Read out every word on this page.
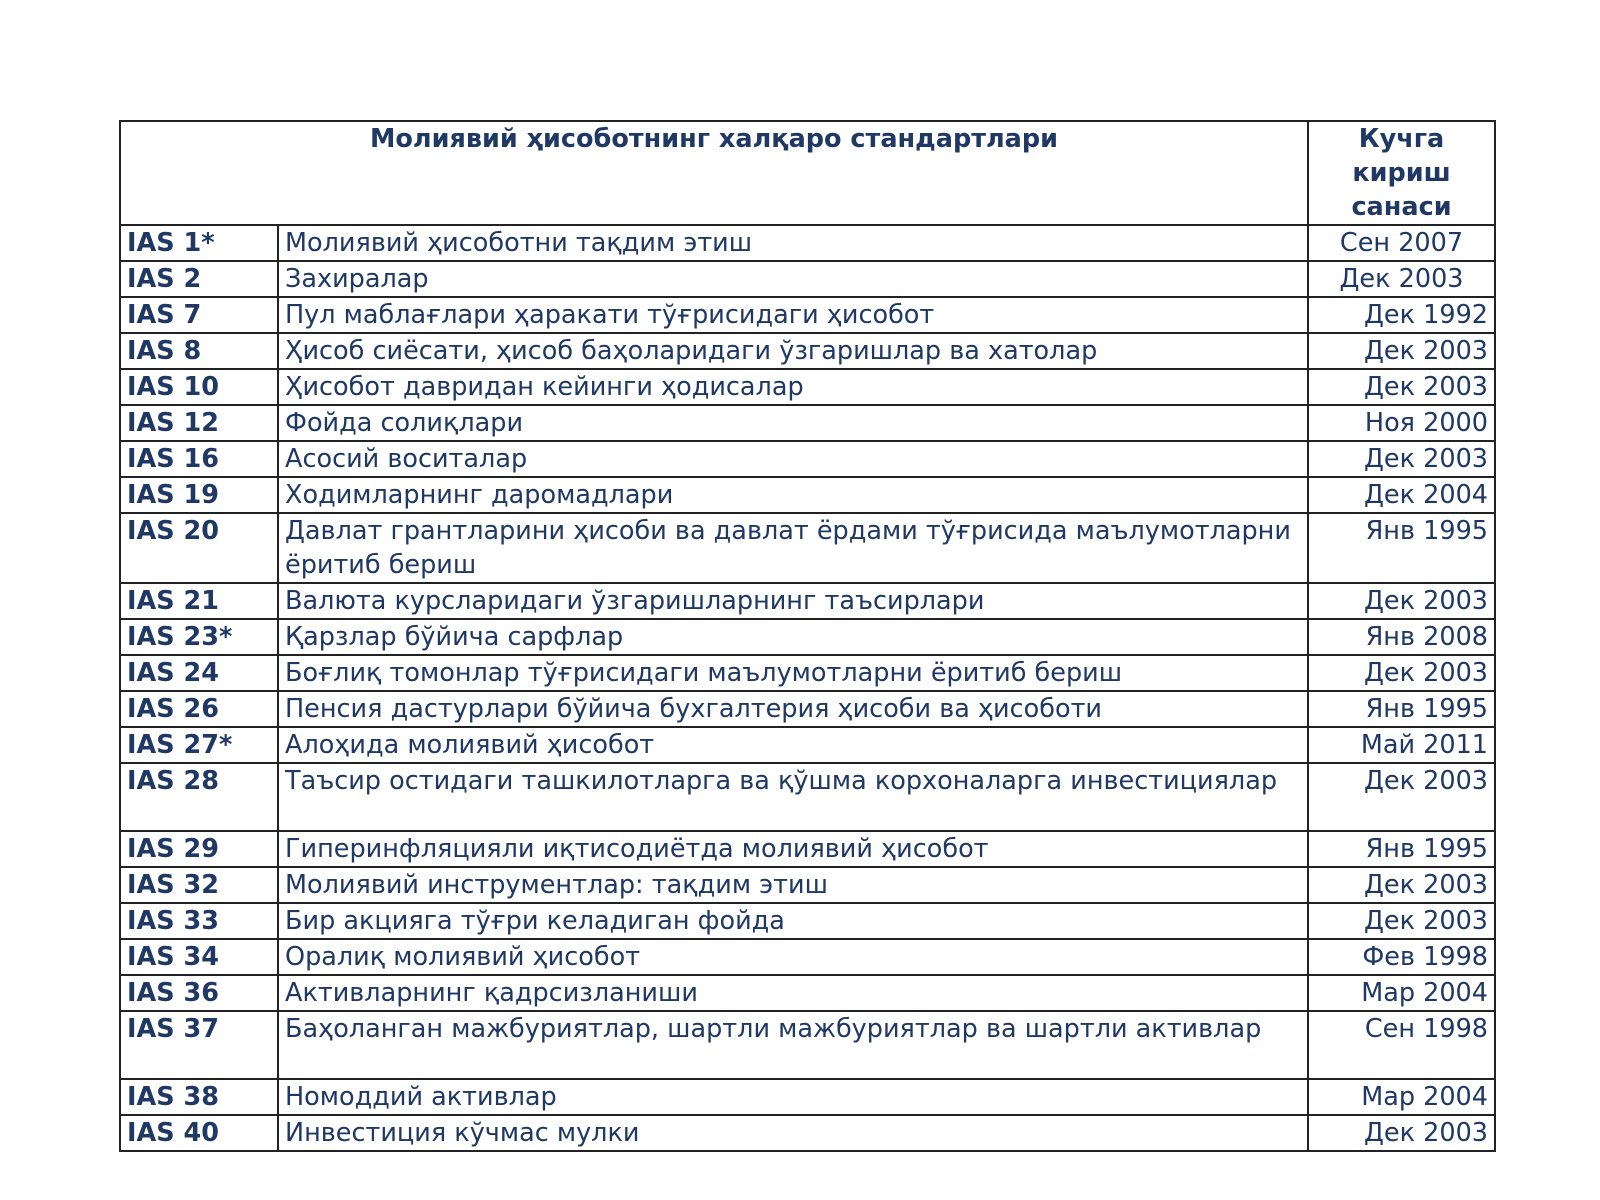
Молиявий ҳисоботнинг халқаро стандартлари		Кучга кириш санаси
IAS 1*	Молиявий ҳисоботни тақдим этиш	Сен 2007
IAS 2	Захиралар	Дек 2003
IAS 7	Пул маблағлари ҳаракати тўғрисидаги ҳисобот	Дек 1992
IAS 8	Ҳисоб сиёсати, ҳисоб баҳоларидаги ўзгаришлар ва хатолар	Дек 2003
IAS 10	Ҳисобот давридан кейинги ҳодисалар	Дек 2003
IAS 12	Фойда солиқлари	Ноя 2000
IAS 16	Асосий воситалар	Дек 2003
IAS 19	Ходимларнинг даромадлари	Дек 2004
IAS 20	Давлат грантларини ҳисоби ва давлат ёрдами тўғрисида маълумотларни ёритиб бериш	Янв 1995
IAS 21	Валюта курсларидаги ўзгаришларнинг таъсирлари	Дек 2003
IAS 23*	Қарзлар бўйича сарфлар	Янв 2008
IAS 24	Боғлиқ томонлар тўғрисидаги маълумотларни ёритиб бериш	Дек 2003
IAS 26	Пенсия дастурлари бўйича бухгалтерия ҳисоби ва ҳисоботи	Янв 1995
IAS 27*	Алоҳида молиявий ҳисобот	Май 2011
IAS 28	Таъсир остидаги ташкилотларга ва қўшма корхоналарга инвестициялар	Дек 2003
IAS 29	Гиперинфляцияли иқтисодиётда молиявий ҳисобот	Янв 1995
IAS 32	Молиявий инструментлар: тақдим этиш	Дек 2003
IAS 33	Бир акцияга тўғри келадиган фойда	Дек 2003
IAS 34	Оралиқ молиявий ҳисобот	Фев 1998
IAS 36	Активларнинг қадрсизланиши	Мар 2004
IAS 37	Баҳоланган мажбуриятлар, шартли мажбуриятлар ва шартли активлар	Сен 1998
IAS 38	Номоддий активлар	Мар 2004
IAS 40	Инвестиция кўчмас мулки	Дек 2003
